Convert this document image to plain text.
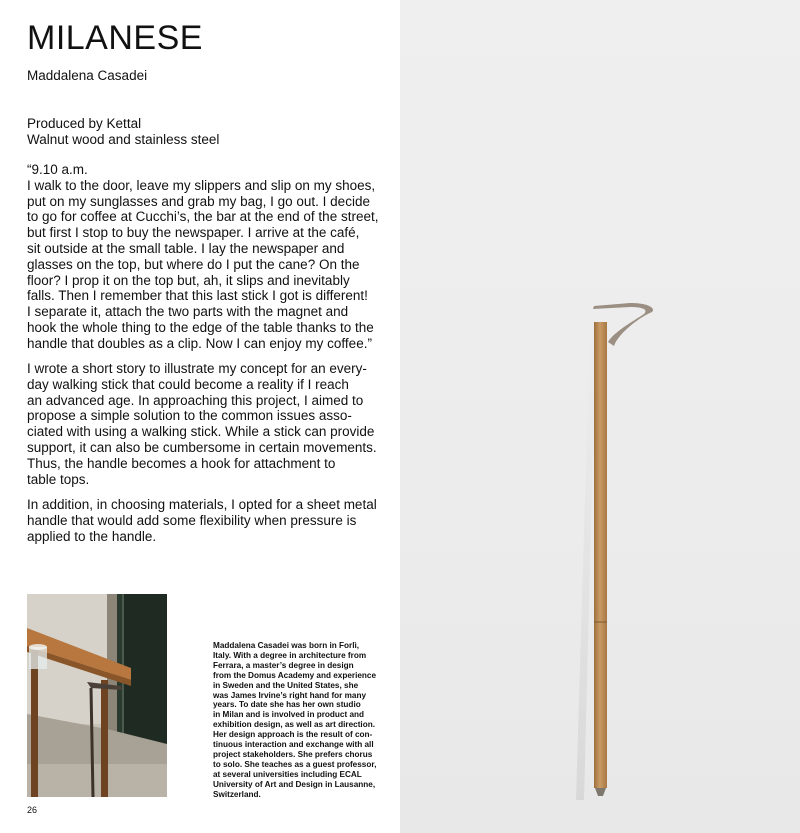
MILANESE
Maddalena Casadei
Produced by Kettal
Walnut wood and stainless steel
“9.10 a.m.
I walk to the door, leave my slippers and slip on my shoes,
put on my sunglasses and grab my bag, I go out. I decide
to go for coffee at Cucchi’s, the bar at the end of the street,
but first I stop to buy the newspaper. I arrive at the café,
sit outside at the small table. I lay the newspaper and
glasses on the top, but where do I put the cane? On the
floor? I prop it on the top but, ah, it slips and inevitably
falls. Then I remember that this last stick I got is different!
I separate it, attach the two parts with the magnet and
hook the whole thing to the edge of the table thanks to the
handle that doubles as a clip. Now I can enjoy my coffee.”
I wrote a short story to illustrate my concept for an every-
day walking stick that could become a reality if I reach
an advanced age. In approaching this project, I aimed to
propose a simple solution to the common issues asso-
ciated with using a walking stick. While a stick can provide
support, it can also be cumbersome in certain movements.
Thus, the handle becomes a hook for attachment to
table tops.
In addition, in choosing materials, I opted for a sheet metal
handle that would add some flexibility when pressure is
applied to the handle.
Maddalena Casadei was born in Forlì,
Italy. With a degree in architecture from
Ferrara, a master’s degree in design
from the Domus Academy and experience
in Sweden and the United States, she
was James Irvine’s right hand for many
years. To date she has her own studio
in Milan and is involved in product and
exhibition design, as well as art direction.
Her design approach is the result of con-
tinuous interaction and exchange with all
project stakeholders. She prefers chorus
to solo. She teaches as a guest professor,
at several universities including ECAL
University of Art and Design in Lausanne,
Switzerland.
26
